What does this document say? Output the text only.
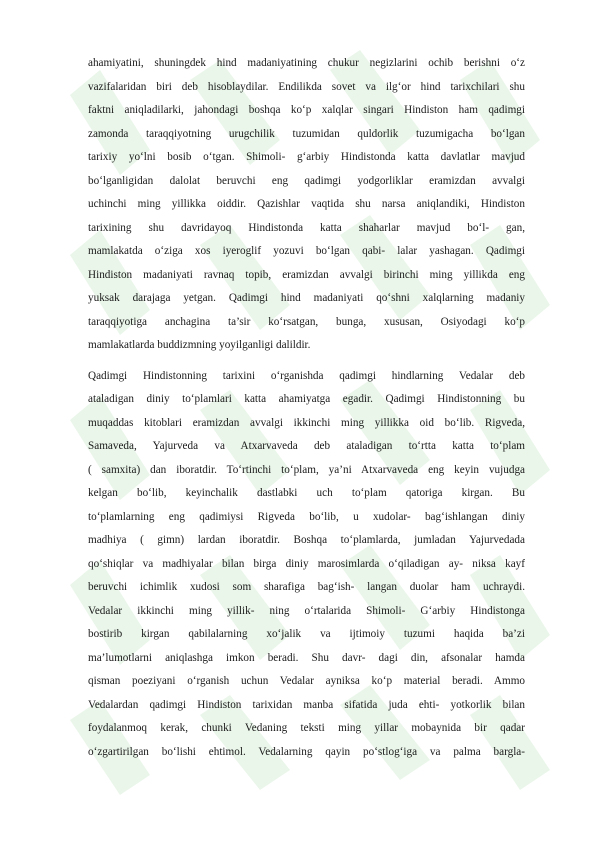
ahamiyatini, shuningdek hind madaniyatining chukur negizlarini ochib berishni o‘z
vazifalaridan biri deb hisoblaydilar. Endilikda sovet va ilg‘or hind tarixchilari shu
faktni aniqladilarki, jahondagi boshqa ko‘p xalqlar singari Hindiston ham qadimgi
zamonda taraqqiyotning urugchilik tuzumidan quldorlik tuzumigacha bo‘lgan
tarixiy yo‘lni bosib o‘tgan. Shimoli- g‘arbiy Hindistonda katta davlatlar mavjud
bo‘lganligidan dalolat beruvchi eng qadimgi yodgorliklar eramizdan avvalgi
uchinchi ming yillikka oiddir. Qazishlar vaqtida shu narsa aniqlandiki, Hindiston
tarixining shu davridayoq Hindistonda katta shaharlar mavjud bo‘l- gan,
mamlakatda o‘ziga xos iyeroglif yozuvi bo‘lgan qabi- lalar yashagan. Qadimgi
Hindiston madaniyati ravnaq topib, eramizdan avvalgi birinchi ming yillikda eng
yuksak darajaga yetgan. Qadimgi hind madaniyati qo‘shni xalqlarning madaniy
taraqqiyotiga anchagina ta’sir ko‘rsatgan, bunga, xususan, Osiyodagi ko‘p
mamlakatlarda buddizmning yoyilganligi dalildir.
Qadimgi Hindistonning tarixini o‘rganishda qadimgi hindlarning Vedalar deb
ataladigan diniy to‘plamlari katta ahamiyatga egadir. Qadimgi Hindistonning bu
muqaddas kitoblari eramizdan avvalgi ikkinchi ming yillikka oid bo‘lib. Rigveda,
Samaveda, Yajurveda va Atxarvaveda deb ataladigan to‘rtta katta to‘plam
( samxita) dan iboratdir. To‘rtinchi to‘plam, ya’ni Atxarvaveda eng keyin vujudga
kelgan bo‘lib, keyinchalik dastlabki uch to‘plam qatoriga kirgan. Bu
to‘plamlarning eng qadimiysi Rigveda bo‘lib, u xudolar- bag‘ishlangan diniy
madhiya ( gimn) lardan iboratdir. Boshqa to‘plamlarda, jumladan Yajurvedada
qo‘shiqlar va madhiyalar bilan birga diniy marosimlarda o‘qiladigan ay- niksa kayf
beruvchi ichimlik xudosi som sharafiga bag‘ish- langan duolar ham uchraydi.
Vedalar ikkinchi ming yillik- ning o‘rtalarida Shimoli- G‘arbiy Hindistonga
bostirib kirgan qabilalarning xo‘jalik va ijtimoiy tuzumi haqida ba’zi
ma’lumotlarni aniqlashga imkon beradi. Shu davr- dagi din, afsonalar hamda
qisman poeziyani o‘rganish uchun Vedalar ayniksa ko‘p material beradi. Ammo
Vedalardan qadimgi Hindiston tarixidan manba sifatida juda ehti- yotkorlik bilan
foydalanmoq kerak, chunki Vedaning teksti ming yillar mobaynida bir qadar
o‘zgartirilgan bo‘lishi ehtimol. Vedalarning qayin po‘stlog‘iga va palma bargla-
